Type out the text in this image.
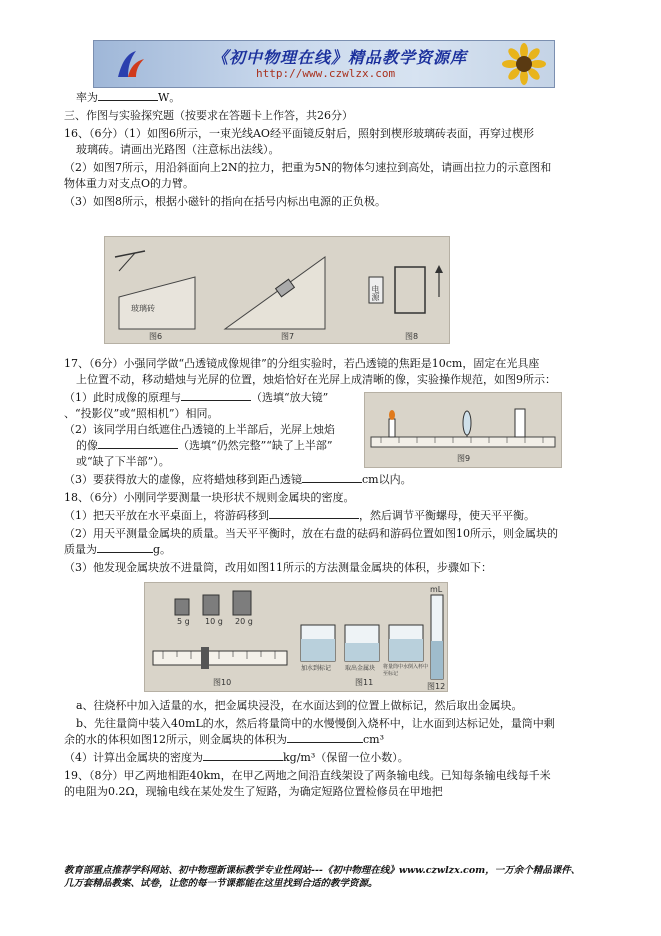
《初中物理在线》精品教学资源库
http://www.czwlzx.com
率为	W。
三、作图与实验探究题（按要求在答题卡上作答，共26分）
16、（6分）（1）如图6所示，一束光线AO经平面镜反射后，照射到楔形玻璃砖表面，再穿过楔形
玻璃砖。请画出光路图（注意标出法线）。
（2）如图7所示，用沿斜面向上2N的拉力，把重为5N的物体匀速拉到高处，请画出拉力的示意图和
物体重力对支点O的力臂。
（3）如图8所示，根据小磁针的指向在括号内标出电源的正负极。
玻璃砖
电源
图6	图7	图8
17、（6分）小强同学做“凸透镜成像规律”的分组实验时，若凸透镜的焦距是10cm，固定在光具座
上位置不动，移动蜡烛与光屏的位置，烛焰恰好在光屏上成清晰的像，实验操作规范，如图9所示：
（1）此时成像的原理与	（选填“放大镜”
、“投影仪”或“照相机”）相同。
（2）该同学用白纸遮住凸透镜的上半部后，光屏上烛焰
的像	（选填“仍然完整”“缺了上半部”
或“缺了下半部”）。	图9
（3）要获得放大的虚像，应将蜡烛移到距凸透镜	cm以内。
18、（6分）小刚同学要测量一块形状不规则金属块的密度。
（1）把天平放在水平桌面上，将游码移到	，然后调节平衡螺母，使天平平衡。
（2）用天平测量金属块的质量。当天平平衡时，放在右盘的砝码和游码位置如图10所示，则金属块的
质量为	g。
（3）他发现金属块放不进量筒，改用如图11所示的方法测量金属块的体积，步骤如下：
5 g 10 g 20 g
加水到标记 取出金属块 将量筒中水倒入杯中至标记
mL
图10	图11	图12
a、往烧杯中加入适量的水，把金属块浸没，在水面达到的位置上做标记，然后取出金属块。
b、先往量筒中装入40mL的水，然后将量筒中的水慢慢倒入烧杯中，让水面到达标记处，量筒中剩
余的水的体积如图12所示，则金属块的体积为	cm³
（4）计算出金属块的密度为	kg/m³（保留一位小数）。
19、（8分）甲乙两地相距40km，在甲乙两地之间沿直线架设了两条输电线。已知每条输电线每千米
的电阻为0.2Ω，现输电线在某处发生了短路，为确定短路位置检修员在甲地把
教育部重点推荐学科网站、初中物理新课标教学专业性网站---《初中物理在线》www.czwlzx.com，一万余个精品课件、
几万套精品教案、试卷，让您的每一节课都能在这里找到合适的教学资源。
